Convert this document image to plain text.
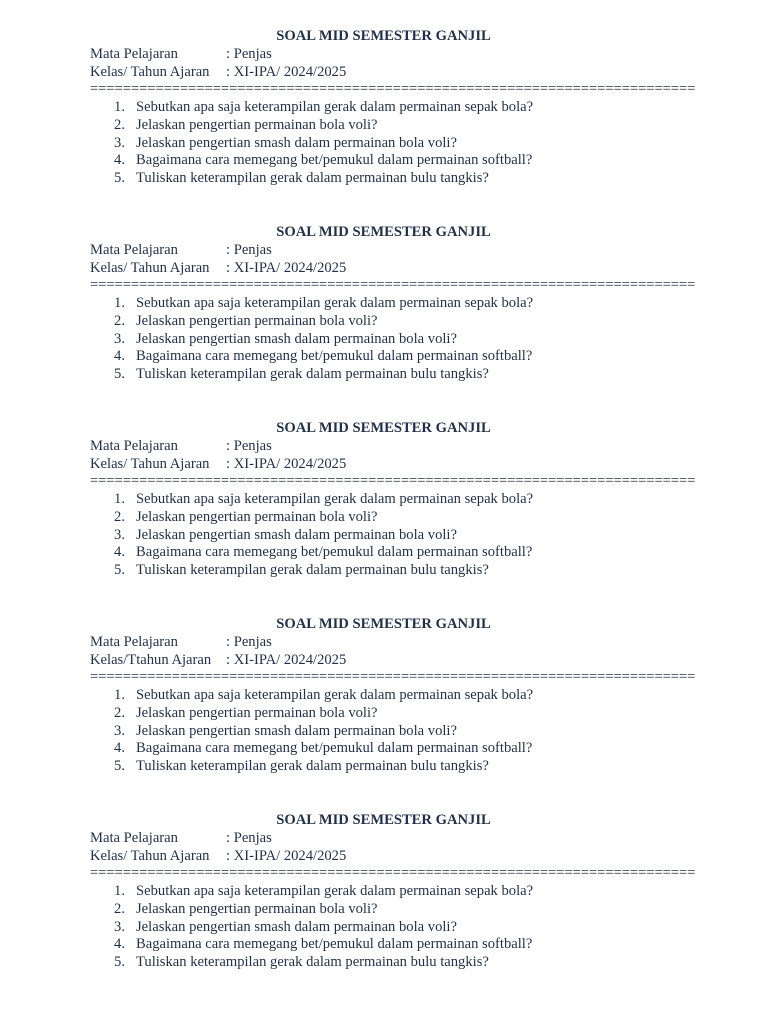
SOAL MID SEMESTER GANJIL
Mata Pelajaran	: Penjas
Kelas/ Tahun Ajaran : XI-IPA/ 2024/2025
==========================================================================
1. Sebutkan apa saja keterampilan gerak dalam permainan sepak bola?
2. Jelaskan pengertian permainan bola voli?
3. Jelaskan pengertian smash dalam permainan bola voli?
4. Bagaimana cara memegang bet/pemukul dalam permainan softball?
5. Tuliskan keterampilan gerak dalam permainan bulu tangkis?
SOAL MID SEMESTER GANJIL
Mata Pelajaran	: Penjas
Kelas/ Tahun Ajaran : XI-IPA/ 2024/2025
==========================================================================
1. Sebutkan apa saja keterampilan gerak dalam permainan sepak bola?
2. Jelaskan pengertian permainan bola voli?
3. Jelaskan pengertian smash dalam permainan bola voli?
4. Bagaimana cara memegang bet/pemukul dalam permainan softball?
5. Tuliskan keterampilan gerak dalam permainan bulu tangkis?
SOAL MID SEMESTER GANJIL
Mata Pelajaran	: Penjas
Kelas/ Tahun Ajaran : XI-IPA/ 2024/2025
==========================================================================
1. Sebutkan apa saja keterampilan gerak dalam permainan sepak bola?
2. Jelaskan pengertian permainan bola voli?
3. Jelaskan pengertian smash dalam permainan bola voli?
4. Bagaimana cara memegang bet/pemukul dalam permainan softball?
5. Tuliskan keterampilan gerak dalam permainan bulu tangkis?
SOAL MID SEMESTER GANJIL
Mata Pelajaran	: Penjas
Kelas/Ttahun Ajaran : XI-IPA/ 2024/2025
==========================================================================
1. Sebutkan apa saja keterampilan gerak dalam permainan sepak bola?
2. Jelaskan pengertian permainan bola voli?
3. Jelaskan pengertian smash dalam permainan bola voli?
4. Bagaimana cara memegang bet/pemukul dalam permainan softball?
5. Tuliskan keterampilan gerak dalam permainan bulu tangkis?
SOAL MID SEMESTER GANJIL
Mata Pelajaran	: Penjas
Kelas/ Tahun Ajaran : XI-IPA/ 2024/2025
==========================================================================
1. Sebutkan apa saja keterampilan gerak dalam permainan sepak bola?
2. Jelaskan pengertian permainan bola voli?
3. Jelaskan pengertian smash dalam permainan bola voli?
4. Bagaimana cara memegang bet/pemukul dalam permainan softball?
5. Tuliskan keterampilan gerak dalam permainan bulu tangkis?
